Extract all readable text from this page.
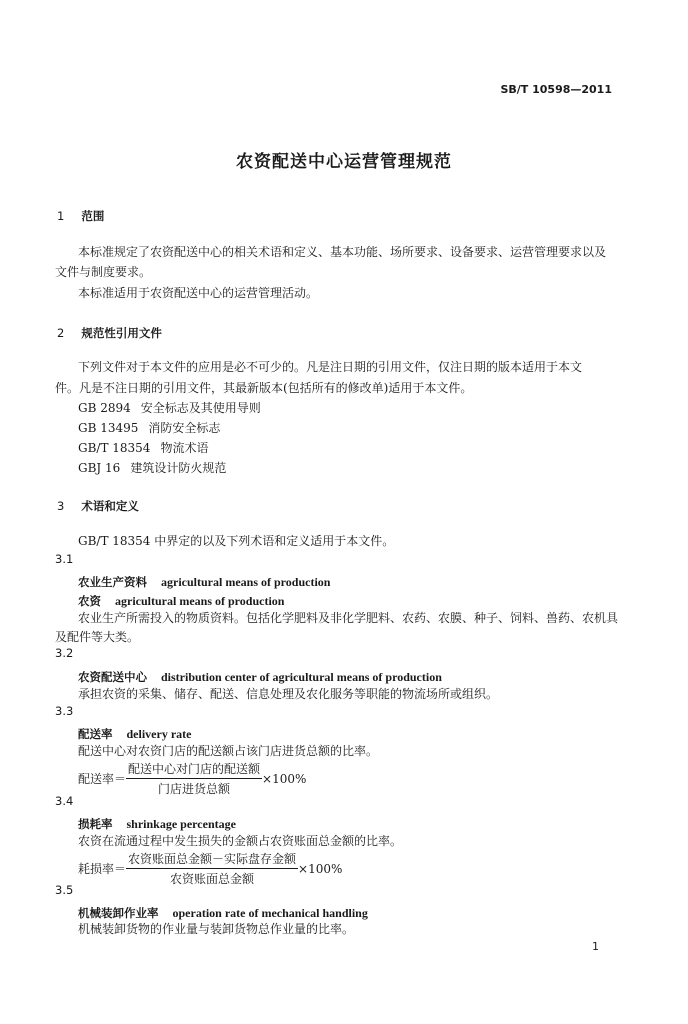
SB/T 10598—2011
农资配送中心运营管理规范
1 范围
本标准规定了农资配送中心的相关术语和定义、基本功能、场所要求、设备要求、运营管理要求以及
文件与制度要求。
本标准适用于农资配送中心的运营管理活动。
2 规范性引用文件
下列文件对于本文件的应用是必不可少的。凡是注日期的引用文件，仅注日期的版本适用于本文
件。凡是不注日期的引用文件，其最新版本(包括所有的修改单)适用于本文件。
GB 2894 安全标志及其使用导则
GB 13495 消防安全标志
GB/T 18354 物流术语
GBJ 16 建筑设计防火规范
3 术语和定义
GB/T 18354 中界定的以及下列术语和定义适用于本文件。
3.1
农业生产资料 agricultural means of production
农资 agricultural means of production
农业生产所需投入的物质资料。包括化学肥料及非化学肥料、农药、农膜、种子、饲料、兽药、农机具
及配件等大类。
3.2
农资配送中心 distribution center of agricultural means of production
承担农资的采集、储存、配送、信息处理及农化服务等职能的物流场所或组织。
3.3
配送率 delivery rate
配送中心对农资门店的配送额占该门店进货总额的比率。
配送率＝ $\frac{\text{配送中心对门店的配送额}}{\text{门店进货总额}} \times 100\%$
3.4
损耗率 shrinkage percentage
农资在流通过程中发生损失的金额占农资账面总金额的比率。
耗损率＝ $\frac{\text{农资账面总金额－实际盘存金额}}{\text{农资账面总金额}} \times 100\%$
3.5
机械装卸作业率 operation rate of mechanical handling
机械装卸货物的作业量与装卸货物总作业量的比率。
1
